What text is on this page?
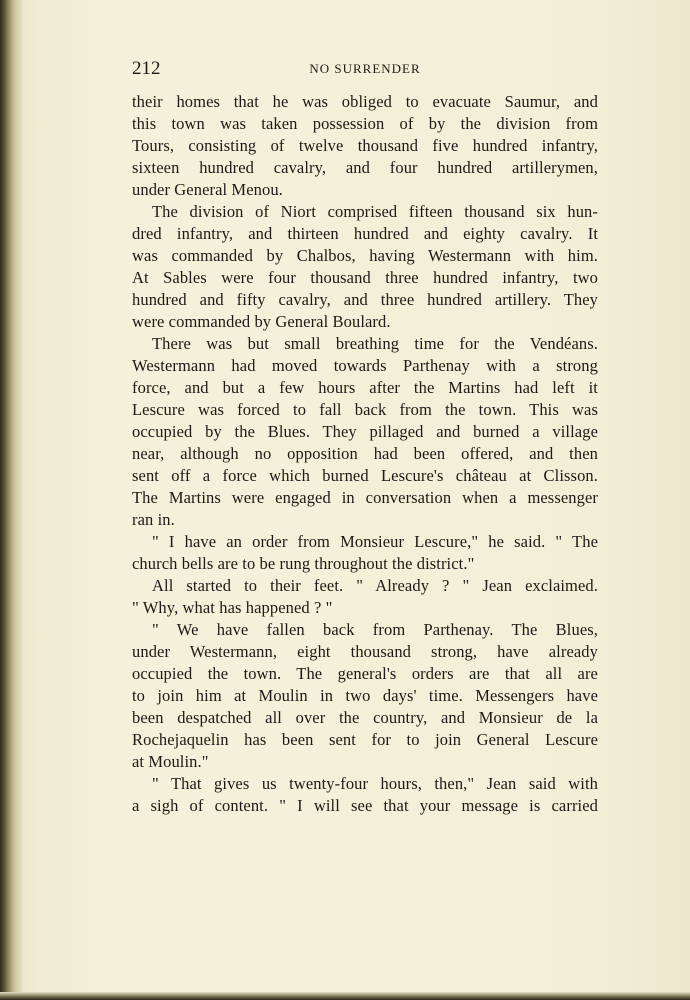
212	NO SURRENDER
their homes that he was obliged to evacuate Saumur, and
this town was taken possession of by the division from
Tours, consisting of twelve thousand five hundred infantry,
sixteen hundred cavalry, and four hundred artillerymen,
under General Menou.
The division of Niort comprised fifteen thousand six hun-
dred infantry, and thirteen hundred and eighty cavalry. It
was commanded by Chalbos, having Westermann with him.
At Sables were four thousand three hundred infantry, two
hundred and fifty cavalry, and three hundred artillery. They
were commanded by General Boulard.
There was but small breathing time for the Vendéans.
Westermann had moved towards Parthenay with a strong
force, and but a few hours after the Martins had left it
Lescure was forced to fall back from the town. This was
occupied by the Blues. They pillaged and burned a village
near, although no opposition had been offered, and then
sent off a force which burned Lescure's château at Clisson.
The Martins were engaged in conversation when a messenger
ran in.
" I have an order from Monsieur Lescure," he said. " The
church bells are to be rung throughout the district."
All started to their feet. " Already ? " Jean exclaimed.
" Why, what has happened ? "
" We have fallen back from Parthenay. The Blues,
under Westermann, eight thousand strong, have already
occupied the town. The general's orders are that all are
to join him at Moulin in two days' time. Messengers have
been despatched all over the country, and Monsieur de la
Rochejaquelin has been sent for to join General Lescure
at Moulin."
" That gives us twenty-four hours, then," Jean said with
a sigh of content. " I will see that your message is carried
